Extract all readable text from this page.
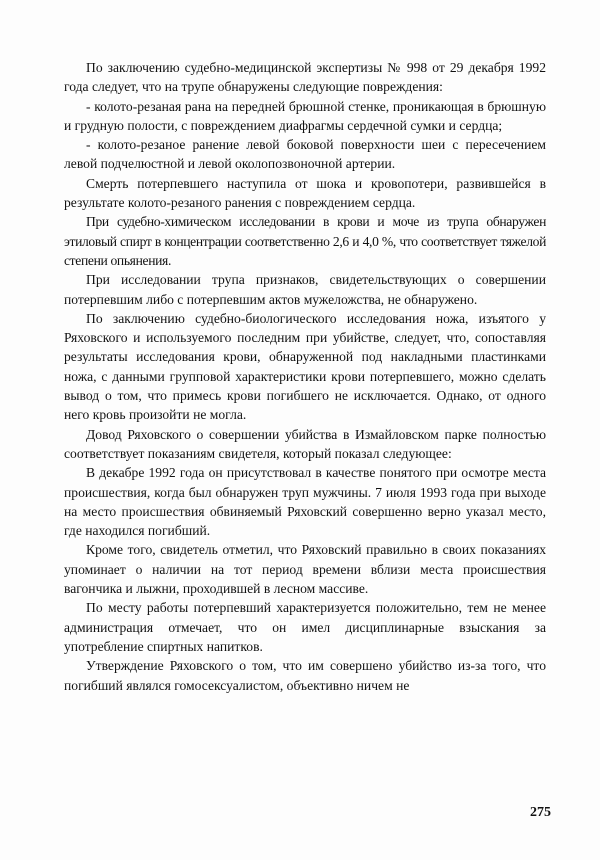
По заключению судебно-медицинской экспертизы № 998 от 29 декабря 1992 года следует, что на трупе обнаружены следующие повреждения:

- колото-резаная рана на передней брюшной стенке, проникающая в брюшную и грудную полости, с повреждением диафрагмы сердечной сумки и сердца;

- колото-резаное ранение левой боковой поверхности шеи с пересечением левой подчелюстной и левой околопозвоночной артерии.

Смерть потерпевшего наступила от шока и кровопотери, развившейся в результате колото-резаного ранения с повреждением сердца.

При судебно-химическом исследовании в крови и моче из трупа обнаружен этиловый спирт в концентрации соответственно 2,6 и 4,0 %, что соответствует тяжелой степени опьянения.

При исследовании трупа признаков, свидетельствующих о совершении потерпевшим либо с потерпевшим актов мужеложства, не обнаружено.

По заключению судебно-биологического исследования ножа, изъятого у Ряховского и используемого последним при убийстве, следует, что, сопоставляя результаты исследования крови, обнаруженной под накладными пластинками ножа, с данными групповой характеристики крови потерпевшего, можно сделать вывод о том, что примесь крови погибшего не исключается. Однако, от одного него кровь произойти не могла.

Довод Ряховского о совершении убийства в Измайловском парке полностью соответствует показаниям свидетеля, который показал следующее:

В декабре 1992 года он присутствовал в качестве понятого при осмотре места происшествия, когда был обнаружен труп мужчины. 7 июля 1993 года при выходе на место происшествия обвиняемый Ряховский совершенно верно указал место, где находился погибший.

Кроме того, свидетель отметил, что Ряховский правильно в своих показаниях упоминает о наличии на тот период времени вблизи места происшествия вагончика и лыжни, проходившей в лесном массиве.

По месту работы потерпевший характеризуется положительно, тем не менее администрация отмечает, что он имел дисциплинарные взыскания за употребление спиртных напитков.

Утверждение Ряховского о том, что им совершено убийство из-за того, что погибший являлся гомосексуалистом, объективно ничем не

275
